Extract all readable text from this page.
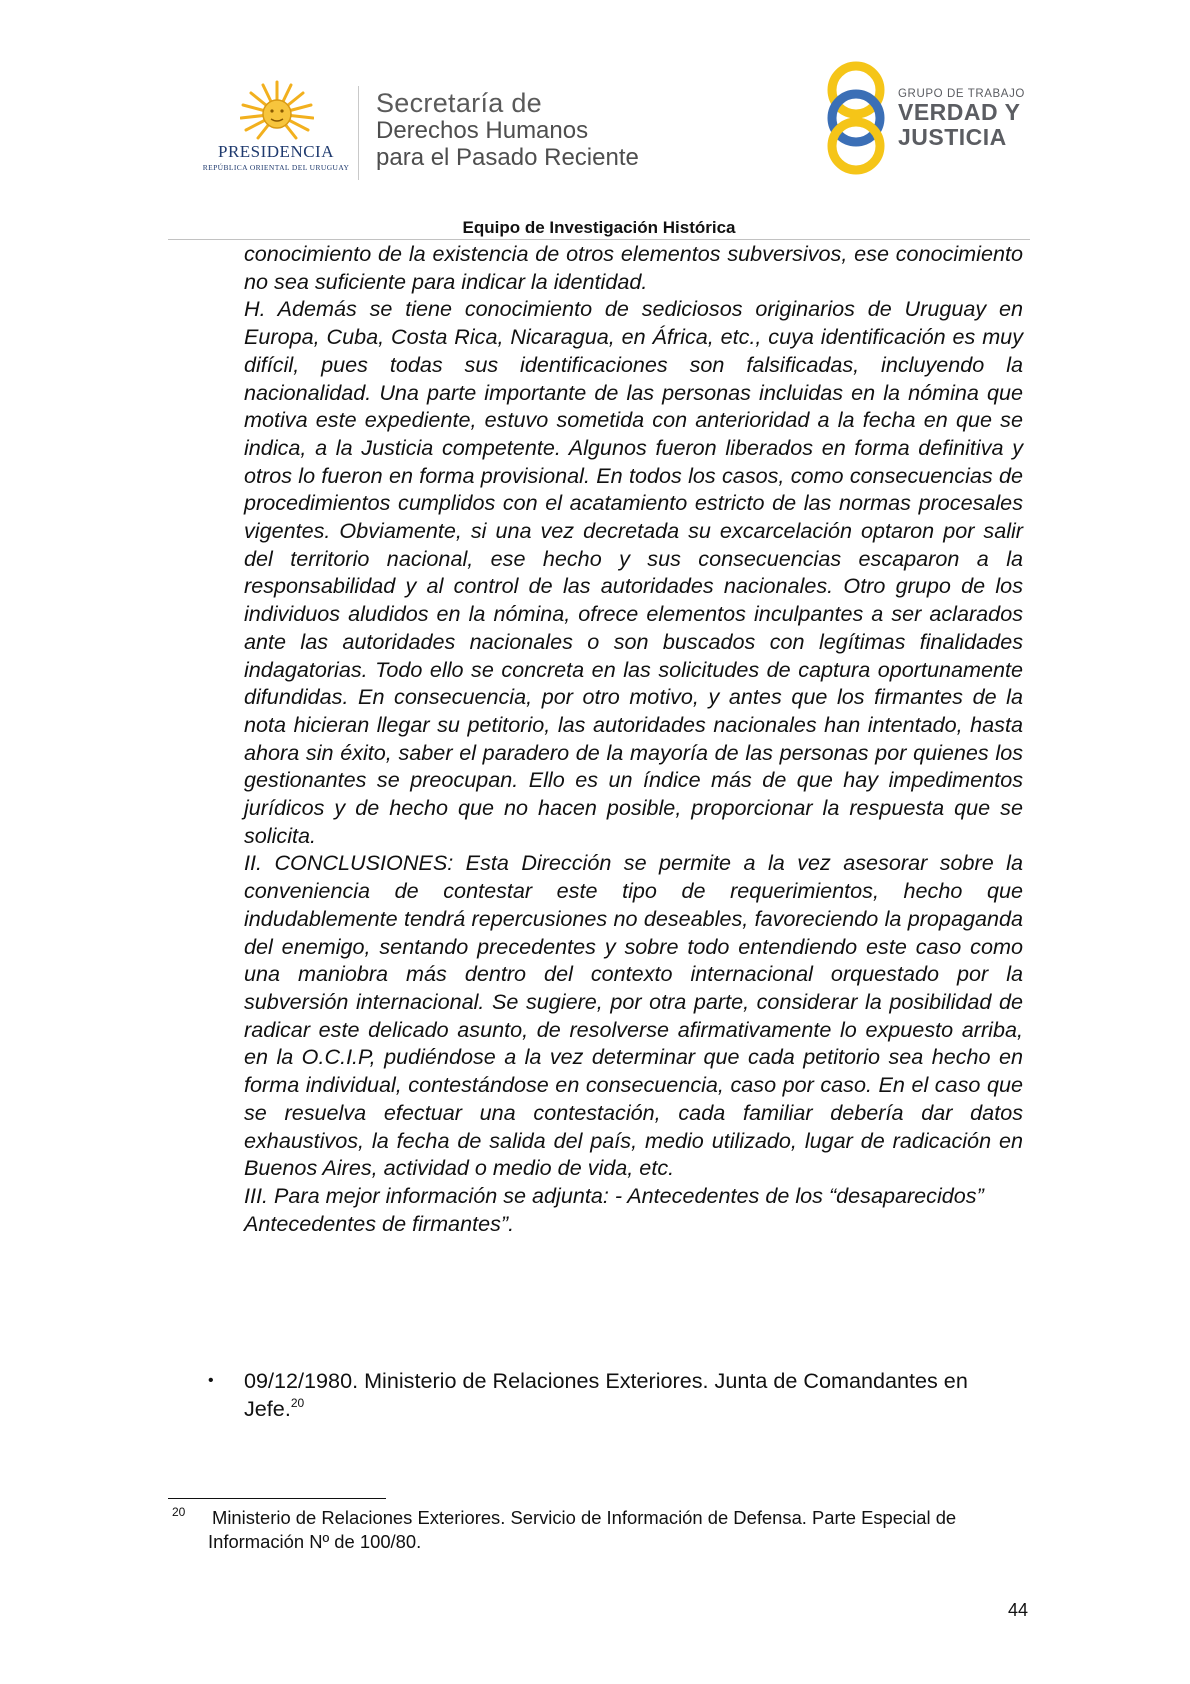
PRESIDENCIA
REPÚBLICA ORIENTAL DEL URUGUAY
Secretaría de
Derechos Humanos
para el Pasado Reciente
GRUPO DE TRABAJO
VERDAD Y
JUSTICIA
Equipo de Investigación Histórica

conocimiento de la existencia de otros elementos subversivos, ese conocimiento no sea suficiente para indicar la identidad.

H. Además se tiene conocimiento de sediciosos originarios de Uruguay en Europa, Cuba, Costa Rica, Nicaragua, en África, etc., cuya identificación es muy difícil, pues todas sus identificaciones son falsificadas, incluyendo la nacionalidad. Una parte importante de las personas incluidas en la nómina que motiva este expediente, estuvo sometida con anterioridad a la fecha en que se indica, a la Justicia competente. Algunos fueron liberados en forma definitiva y otros lo fueron en forma provisional. En todos los casos, como consecuencias de procedimientos cumplidos con el acatamiento estricto de las normas procesales vigentes. Obviamente, si una vez decretada su excarcelación optaron por salir del territorio nacional, ese hecho y sus consecuencias escaparon a la responsabilidad y al control de las autoridades nacionales. Otro grupo de los individuos aludidos en la nómina, ofrece elementos inculpantes a ser aclarados ante las autoridades nacionales o son buscados con legítimas finalidades indagatorias. Todo ello se concreta en las solicitudes de captura oportunamente difundidas. En consecuencia, por otro motivo, y antes que los firmantes de la nota hicieran llegar su petitorio, las autoridades nacionales han intentado, hasta ahora sin éxito, saber el paradero de la mayoría de las personas por quienes los gestionantes se preocupan. Ello es un índice más de que hay impedimentos jurídicos y de hecho que no hacen posible, proporcionar la respuesta que se solicita.

II. CONCLUSIONES: Esta Dirección se permite a la vez asesorar sobre la conveniencia de contestar este tipo de requerimientos, hecho que indudablemente tendrá repercusiones no deseables, favoreciendo la propaganda del enemigo, sentando precedentes y sobre todo entendiendo este caso como una maniobra más dentro del contexto internacional orquestado por la subversión internacional. Se sugiere, por otra parte, considerar la posibilidad de radicar este delicado asunto, de resolverse afirmativamente lo expuesto arriba, en la O.C.I.P, pudiéndose a la vez determinar que cada petitorio sea hecho en forma individual, contestándose en consecuencia, caso por caso. En el caso que se resuelva efectuar una contestación, cada familiar debería dar datos exhaustivos, la fecha de salida del país, medio utilizado, lugar de radicación en Buenos Aires, actividad o medio de vida, etc.

III. Para mejor información se adjunta: - Antecedentes de los “desaparecidos”

Antecedentes de firmantes”.

• 09/12/1980. Ministerio de Relaciones Exteriores. Junta de Comandantes en Jefe.$^{20}$
20 Ministerio de Relaciones Exteriores. Servicio de Información de Defensa. Parte Especial de Información Nº de 100/80.
44
